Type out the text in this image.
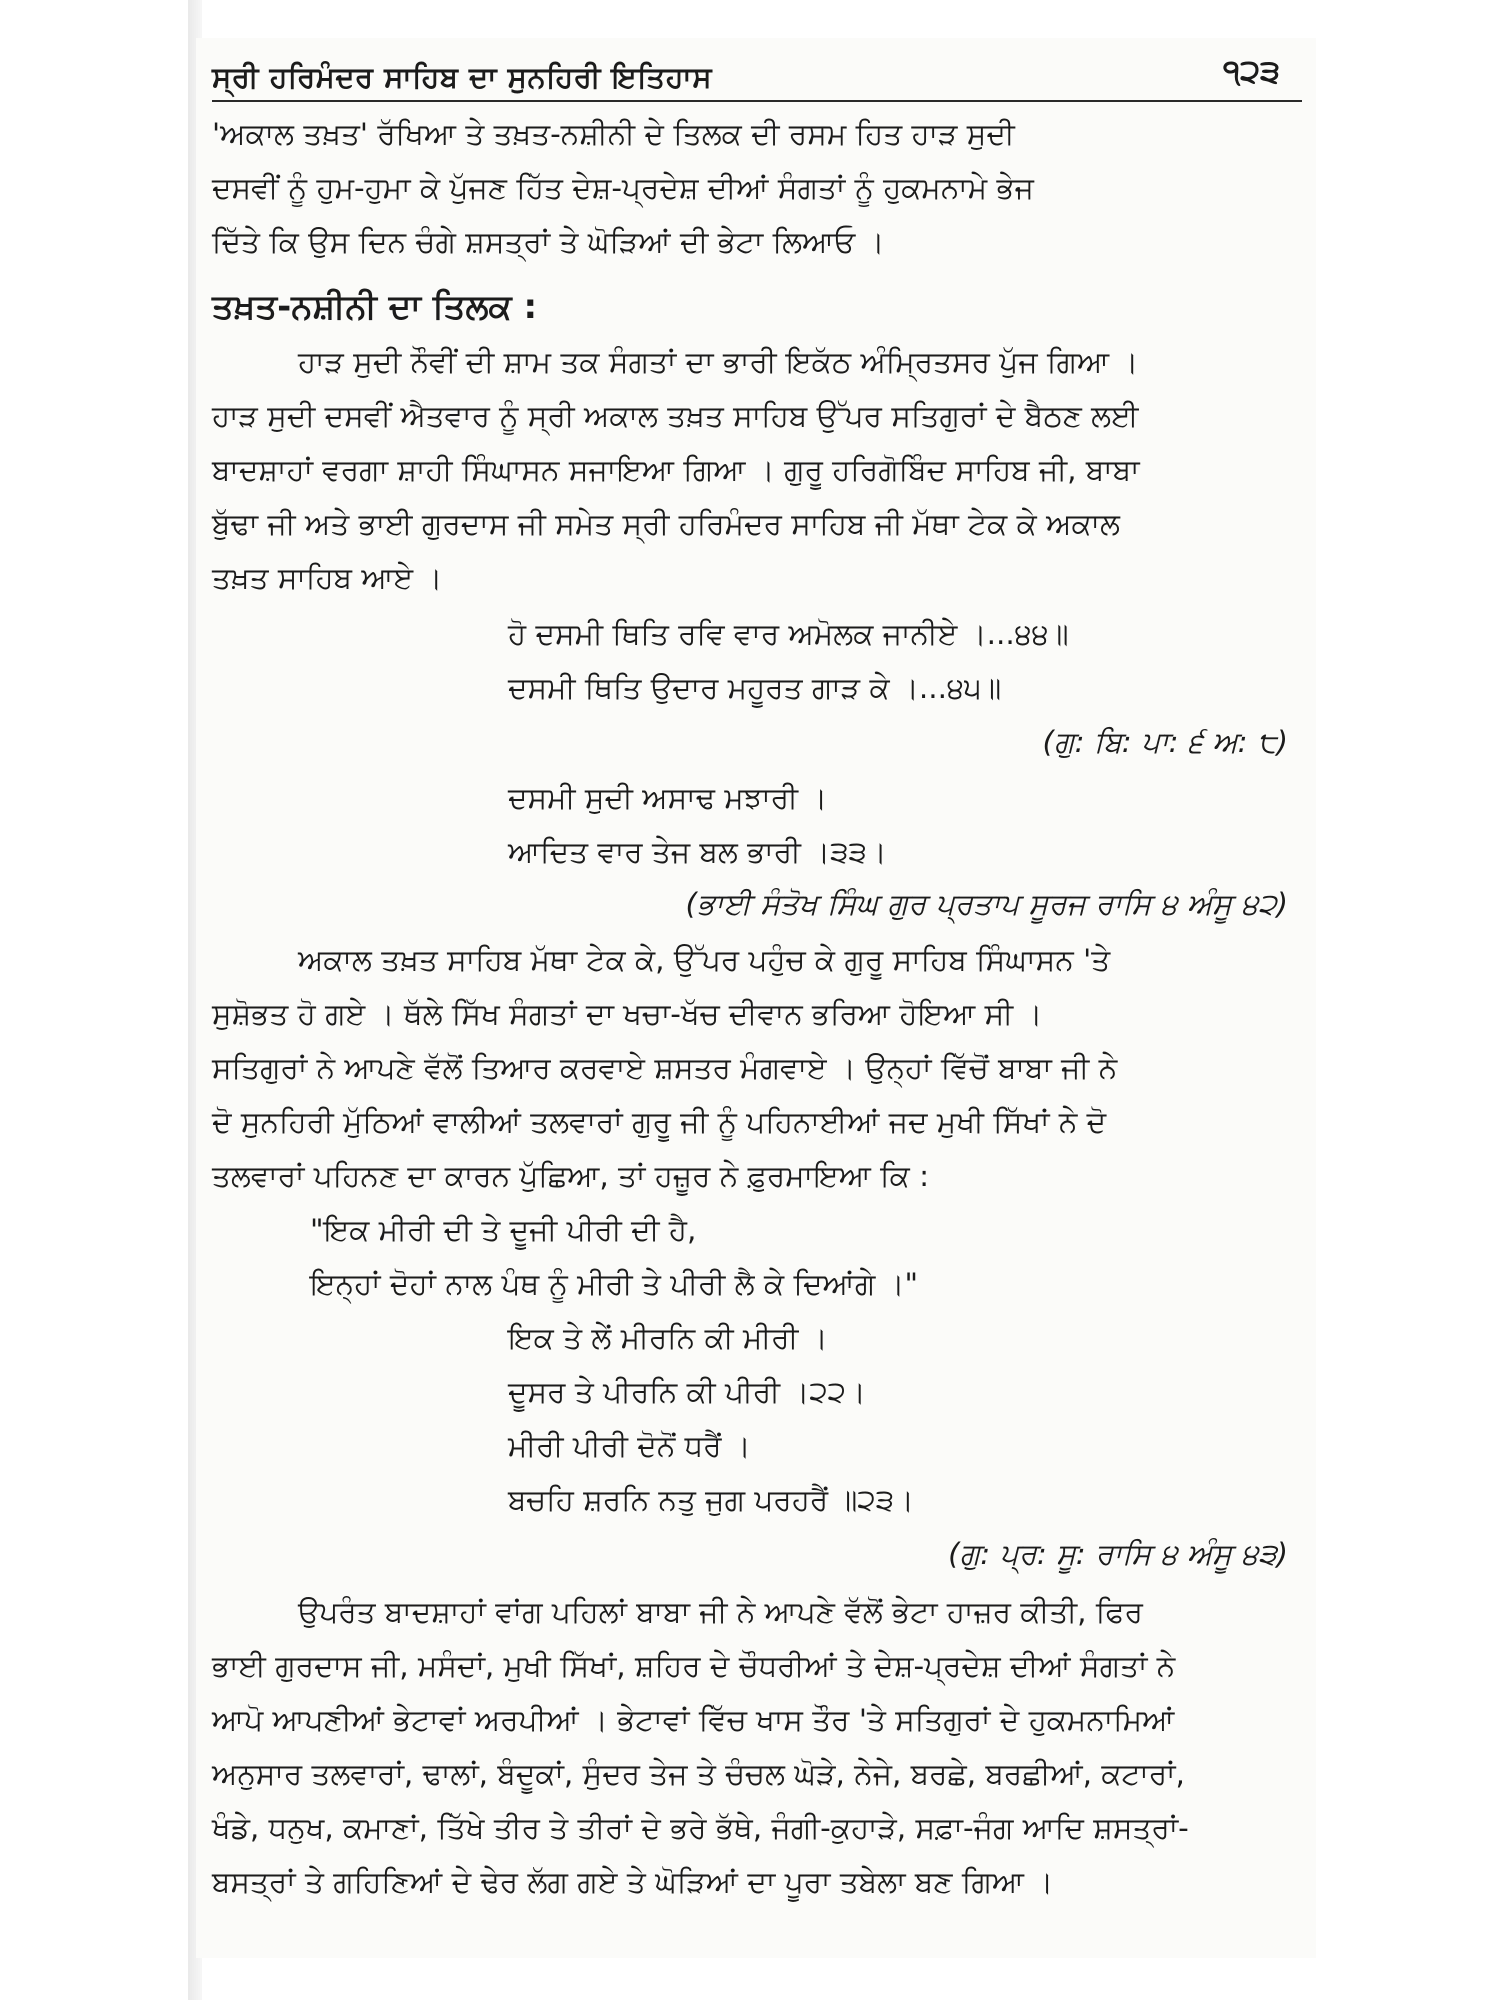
ਸ੍ਰੀ ਹਰਿਮੰਦਰ ਸਾਹਿਬ ਦਾ ਸੁਨਹਿਰੀ ਇਤਿਹਾਸ	੧੨੩
'ਅਕਾਲ ਤਖ਼ਤ' ਰੱਖਿਆ ਤੇ ਤਖ਼ਤ-ਨਸ਼ੀਨੀ ਦੇ ਤਿਲਕ ਦੀ ਰਸਮ ਹਿਤ ਹਾੜ ਸੁਦੀ
ਦਸਵੀਂ ਨੂੰ ਹੁਮ-ਹੁਮਾ ਕੇ ਪੁੱਜਣ ਹਿੱਤ ਦੇਸ਼-ਪ੍ਰਦੇਸ਼ ਦੀਆਂ ਸੰਗਤਾਂ ਨੂੰ ਹੁਕਮਨਾਮੇ ਭੇਜ
ਦਿੱਤੇ ਕਿ ਉਸ ਦਿਨ ਚੰਗੇ ਸ਼ਸਤ੍ਰਾਂ ਤੇ ਘੋੜਿਆਂ ਦੀ ਭੇਟਾ ਲਿਆਓ ।
ਤਖ਼ਤ-ਨਸ਼ੀਨੀ ਦਾ ਤਿਲਕ :
ਹਾੜ ਸੁਦੀ ਨੌਵੀਂ ਦੀ ਸ਼ਾਮ ਤਕ ਸੰਗਤਾਂ ਦਾ ਭਾਰੀ ਇਕੱਠ ਅੰਮ੍ਰਿਤਸਰ ਪੁੱਜ ਗਿਆ ।
ਹਾੜ ਸੁਦੀ ਦਸਵੀਂ ਐਤਵਾਰ ਨੂੰ ਸ੍ਰੀ ਅਕਾਲ ਤਖ਼ਤ ਸਾਹਿਬ ਉੱਪਰ ਸਤਿਗੁਰਾਂ ਦੇ ਬੈਠਣ ਲਈ
ਬਾਦਸ਼ਾਹਾਂ ਵਰਗਾ ਸ਼ਾਹੀ ਸਿੰਘਾਸਨ ਸਜਾਇਆ ਗਿਆ । ਗੁਰੂ ਹਰਿਗੋਬਿੰਦ ਸਾਹਿਬ ਜੀ, ਬਾਬਾ
ਬੁੱਢਾ ਜੀ ਅਤੇ ਭਾਈ ਗੁਰਦਾਸ ਜੀ ਸਮੇਤ ਸ੍ਰੀ ਹਰਿਮੰਦਰ ਸਾਹਿਬ ਜੀ ਮੱਥਾ ਟੇਕ ਕੇ ਅਕਾਲ
ਤਖ਼ਤ ਸਾਹਿਬ ਆਏ ।
ਹੋ ਦਸਮੀ ਥਿਤਿ ਰਵਿ ਵਾਰ ਅਮੋਲਕ ਜਾਨੀਏ ।...੪੪॥
ਦਸਮੀ ਥਿਤਿ ਉਦਾਰ ਮਹੂਰਤ ਗਾੜ ਕੇ ।...੪੫॥
(ਗੁ: ਬਿ: ਪਾ: ੬ ਅ: ੮)
ਦਸਮੀ ਸੁਦੀ ਅਸਾਢ ਮਝਾਰੀ ।
ਆਦਿਤ ਵਾਰ ਤੇਜ ਬਲ ਭਾਰੀ ।੩੩।
(ਭਾਈ ਸੰਤੋਖ ਸਿੰਘ ਗੁਰ ਪ੍ਰਤਾਪ ਸੂਰਜ ਰਾਸਿ ੪ ਅੰਸੂ ੪੨)
ਅਕਾਲ ਤਖ਼ਤ ਸਾਹਿਬ ਮੱਥਾ ਟੇਕ ਕੇ, ਉੱਪਰ ਪਹੁੰਚ ਕੇ ਗੁਰੂ ਸਾਹਿਬ ਸਿੰਘਾਸਨ 'ਤੇ
ਸੁਸ਼ੋਭਤ ਹੋ ਗਏ । ਥੱਲੇ ਸਿੱਖ ਸੰਗਤਾਂ ਦਾ ਖਚਾ-ਖੱਚ ਦੀਵਾਨ ਭਰਿਆ ਹੋਇਆ ਸੀ ।
ਸਤਿਗੁਰਾਂ ਨੇ ਆਪਣੇ ਵੱਲੋਂ ਤਿਆਰ ਕਰਵਾਏ ਸ਼ਸਤਰ ਮੰਗਵਾਏ । ਉਨ੍ਹਾਂ ਵਿੱਚੋਂ ਬਾਬਾ ਜੀ ਨੇ
ਦੋ ਸੁਨਹਿਰੀ ਮੁੱਠਿਆਂ ਵਾਲੀਆਂ ਤਲਵਾਰਾਂ ਗੁਰੂ ਜੀ ਨੂੰ ਪਹਿਨਾਈਆਂ ਜਦ ਮੁਖੀ ਸਿੱਖਾਂ ਨੇ ਦੋ
ਤਲਵਾਰਾਂ ਪਹਿਨਣ ਦਾ ਕਾਰਨ ਪੁੱਛਿਆ, ਤਾਂ ਹਜ਼ੂਰ ਨੇ ਫ਼ੁਰਮਾਇਆ ਕਿ :
"ਇਕ ਮੀਰੀ ਦੀ ਤੇ ਦੂਜੀ ਪੀਰੀ ਦੀ ਹੈ,
ਇਨ੍ਹਾਂ ਦੋਹਾਂ ਨਾਲ ਪੰਥ ਨੂੰ ਮੀਰੀ ਤੇ ਪੀਰੀ ਲੈ ਕੇ ਦਿਆਂਗੇ ।"
ਇਕ ਤੇ ਲੇਂ ਮੀਰਨਿ ਕੀ ਮੀਰੀ ।
ਦੂਸਰ ਤੇ ਪੀਰਨਿ ਕੀ ਪੀਰੀ ।੨੨।
ਮੀਰੀ ਪੀਰੀ ਦੋਨੋਂ ਧਰੈਂ ।
ਬਚਹਿ ਸ਼ਰਨਿ ਨਤੁ ਜੁਗ ਪਰਹਰੈਂ ॥੨੩।
(ਗੁ: ਪ੍ਰ: ਸੂ: ਰਾਸਿ ੪ ਅੰਸੂ ੪੩)
ਉਪਰੰਤ ਬਾਦਸ਼ਾਹਾਂ ਵਾਂਗ ਪਹਿਲਾਂ ਬਾਬਾ ਜੀ ਨੇ ਆਪਣੇ ਵੱਲੋਂ ਭੇਟਾ ਹਾਜ਼ਰ ਕੀਤੀ, ਫਿਰ
ਭਾਈ ਗੁਰਦਾਸ ਜੀ, ਮਸੰਦਾਂ, ਮੁਖੀ ਸਿੱਖਾਂ, ਸ਼ਹਿਰ ਦੇ ਚੌਧਰੀਆਂ ਤੇ ਦੇਸ਼-ਪ੍ਰਦੇਸ਼ ਦੀਆਂ ਸੰਗਤਾਂ ਨੇ
ਆਪੋ ਆਪਣੀਆਂ ਭੇਟਾਵਾਂ ਅਰਪੀਆਂ । ਭੇਟਾਵਾਂ ਵਿੱਚ ਖਾਸ ਤੌਰ 'ਤੇ ਸਤਿਗੁਰਾਂ ਦੇ ਹੁਕਮਨਾਮਿਆਂ
ਅਨੁਸਾਰ ਤਲਵਾਰਾਂ, ਢਾਲਾਂ, ਬੰਦੂਕਾਂ, ਸੁੰਦਰ ਤੇਜ ਤੇ ਚੰਚਲ ਘੋੜੇ, ਨੇਜੇ, ਬਰਛੇ, ਬਰਛੀਆਂ, ਕਟਾਰਾਂ,
ਖੰਡੇ, ਧਨੁਖ, ਕਮਾਣਾਂ, ਤਿੱਖੇ ਤੀਰ ਤੇ ਤੀਰਾਂ ਦੇ ਭਰੇ ਭੱਥੇ, ਜੰਗੀ-ਕੁਹਾੜੇ, ਸਫ਼ਾ-ਜੰਗ ਆਦਿ ਸ਼ਸਤ੍ਰਾਂ-
ਬਸਤ੍ਰਾਂ ਤੇ ਗਹਿਣਿਆਂ ਦੇ ਢੇਰ ਲੱਗ ਗਏ ਤੇ ਘੋੜਿਆਂ ਦਾ ਪੂਰਾ ਤਬੇਲਾ ਬਣ ਗਿਆ ।
